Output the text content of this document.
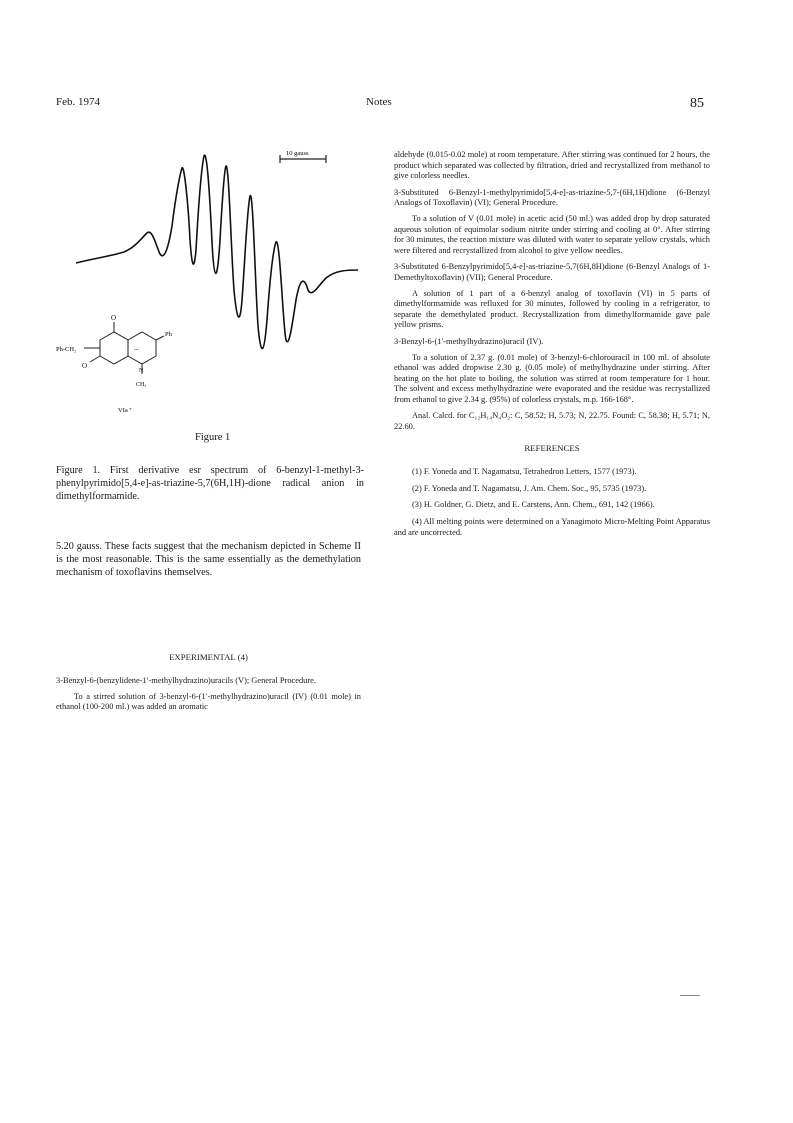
Feb. 1974	Notes	85
10 gauss
O
O
Ph-CH₂
Ph
−
N
CH₃
VIa ⁷
Figure 1
Figure 1. First derivative esr spectrum of 6-benzyl-1-methyl-3-phenylpyrimido[5,4-e]-as-triazine-5,7(6H,1H)-dione radical anion in dimethylformamide.
5.20 gauss. These facts suggest that the mechanism depicted in Scheme II is the most reasonable. This is the same essentially as the demethylation mechanism of toxoflavins themselves.
EXPERIMENTAL (4)

3-Benzyl-6-(benzylidene-1′-methylhydrazino)uracils (V); General Procedure.

To a stirred solution of 3-benzyl-6-(1′-methylhydrazino)uracil (IV) (0.01 mole) in ethanol (100-200 ml.) was added an aromatic

aldehyde (0.015-0.02 mole) at room temperature. After stirring was continued for 2 hours, the product which separated was collected by filtration, dried and recrystallized from methanol to give colorless needles.

3-Substituted 6-Benzyl-1-methylpyrimido[5,4-e]-as-triazine-5,7-(6H,1H)dione (6-Benzyl Analogs of Toxoflavin) (VI); General Procedure.

To a solution of V (0.01 mole) in acetic acid (50 ml.) was added drop by drop saturated aqueous solution of equimolar sodium nitrite under stirring and cooling at 0°. After stirring for 30 minutes, the reaction mixture was diluted with water to separate yellow crystals, which were filtered and recrystallized from alcohol to give yellow needles.

3-Substituted 6-Benzylpyrimido[5,4-e]-as-triazine-5,7(6H,8H)dione (6-Benzyl Analogs of 1-Demethyltoxoflavin) (VII); General Procedure.

A solution of 1 part of a 6-benzyl analog of toxoflavin (VI) in 5 parts of dimethylformamide was refluxed for 30 minutes, followed by cooling in a refrigerator, to separate the demethylated product. Recrystallization from dimethylformamide gave pale yellow prisms.

3-Benzyl-6-(1′-methylhydrazino)uracil (IV).

To a solution of 2.37 g. (0.01 mole) of 3-benzyl-6-chlorouracil in 100 ml. of absolute ethanol was added dropwise 2.30 g. (0.05 mole) of methylhydrazine under stirring. After heating on the hot plate to boiling, the solution was stirred at room temperature for 1 hour. The solvent and excess methylhydrazine were evaporated and the residue was recrystallized from ethanol to give 2.34 g. (95%) of colorless crystals, m.p. 166-168°.

Anal. Calcd. for C₁₂H₁₄N₄O₂: C, 58.52; H, 5.73; N, 22.75. Found: C, 58.38; H, 5.71; N, 22.60.

REFERENCES

(1) F. Yoneda and T. Nagamatsu, Tetrahedron Letters, 1577 (1973).

(2) F. Yoneda and T. Nagamatsu, J. Am. Chem. Soc., 95, 5735 (1973).

(3) H. Goldner, G. Dietz, and E. Carstens, Ann. Chem., 691, 142 (1966).

(4) All melting points were determined on a Yanagimoto Micro-Melting Point Apparatus and are uncorrected.
